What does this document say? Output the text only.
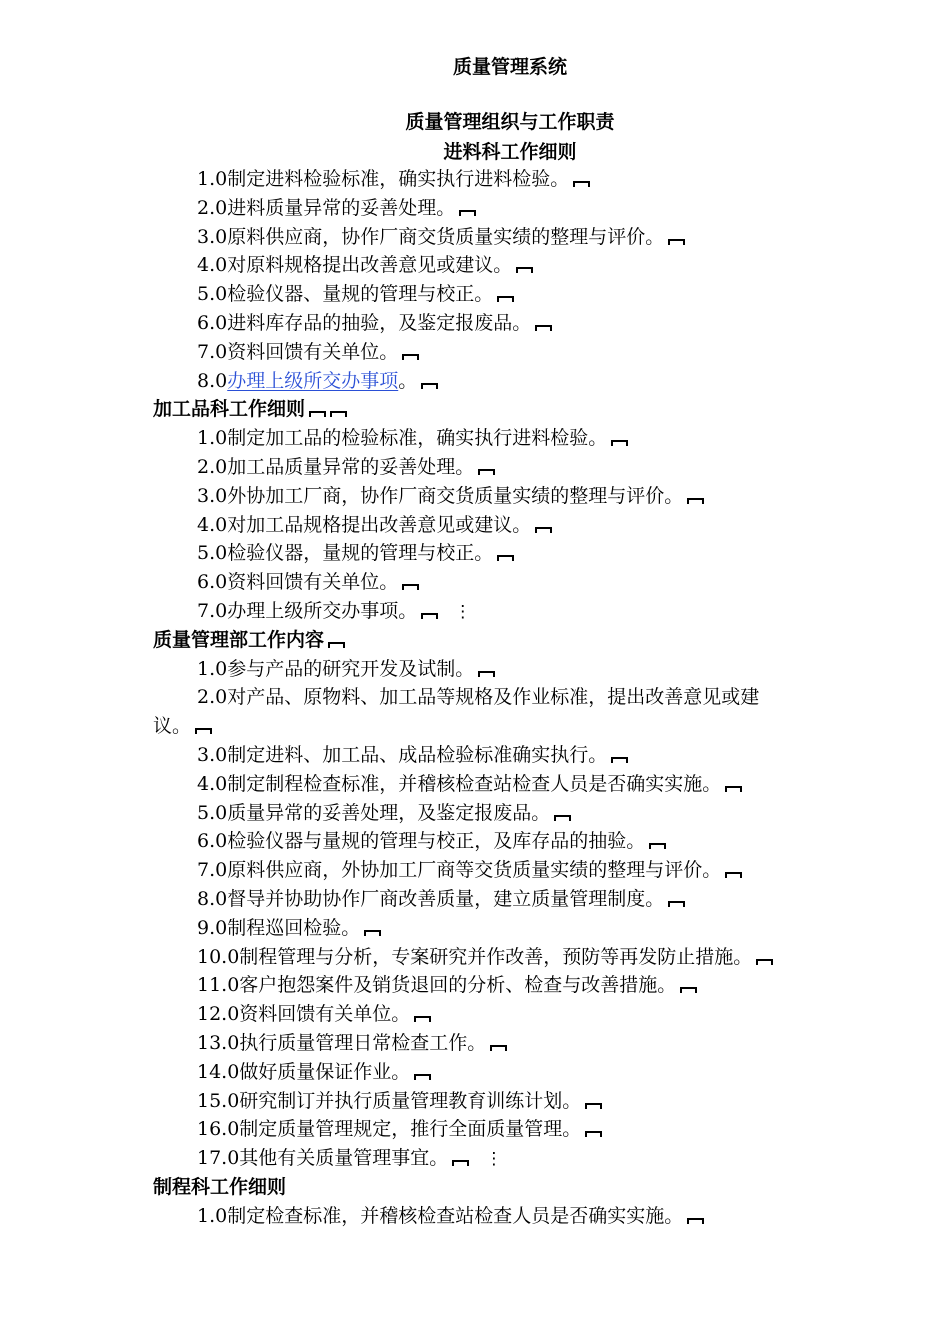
质量管理系统
质量管理组织与工作职责
进料科工作细则
1.0制定进料检验标准，确实执行进料检验。
2.0进料质量异常的妥善处理。
3.0原料供应商，协作厂商交货质量实绩的整理与评价。
4.0对原料规格提出改善意见或建议。
5.0检验仪器、量规的管理与校正。
6.0进料库存品的抽验，及鉴定报废品。
7.0资料回馈有关单位。
8.0办理上级所交办事项。
加工品科工作细则
1.0制定加工品的检验标准，确实执行进料检验。
2.0加工品质量异常的妥善处理。
3.0外协加工厂商，协作厂商交货质量实绩的整理与评价。
4.0对加工品规格提出改善意见或建议。
5.0检验仪器，量规的管理与校正。
6.0资料回馈有关单位。
7.0办理上级所交办事项。 ⋮
质量管理部工作内容
1.0参与产品的研究开发及试制。
2.0对产品、原物料、加工品等规格及作业标准，提出改善意见或建
议。
3.0制定进料、加工品、成品检验标准确实执行。
4.0制定制程检查标准，并稽核检查站检查人员是否确实实施。
5.0质量异常的妥善处理，及鉴定报废品。
6.0检验仪器与量规的管理与校正，及库存品的抽验。
7.0原料供应商，外协加工厂商等交货质量实绩的整理与评价。
8.0督导并协助协作厂商改善质量，建立质量管理制度。
9.0制程巡回检验。
10.0制程管理与分析，专案研究并作改善，预防等再发防止措施。
11.0客户抱怨案件及销货退回的分析、检查与改善措施。
12.0资料回馈有关单位。
13.0执行质量管理日常检查工作。
14.0做好质量保证作业。
15.0研究制订并执行质量管理教育训练计划。
16.0制定质量管理规定，推行全面质量管理。
17.0其他有关质量管理事宜。 ⋮
制程科工作细则
1.0制定检查标准，并稽核检查站检查人员是否确实实施。
